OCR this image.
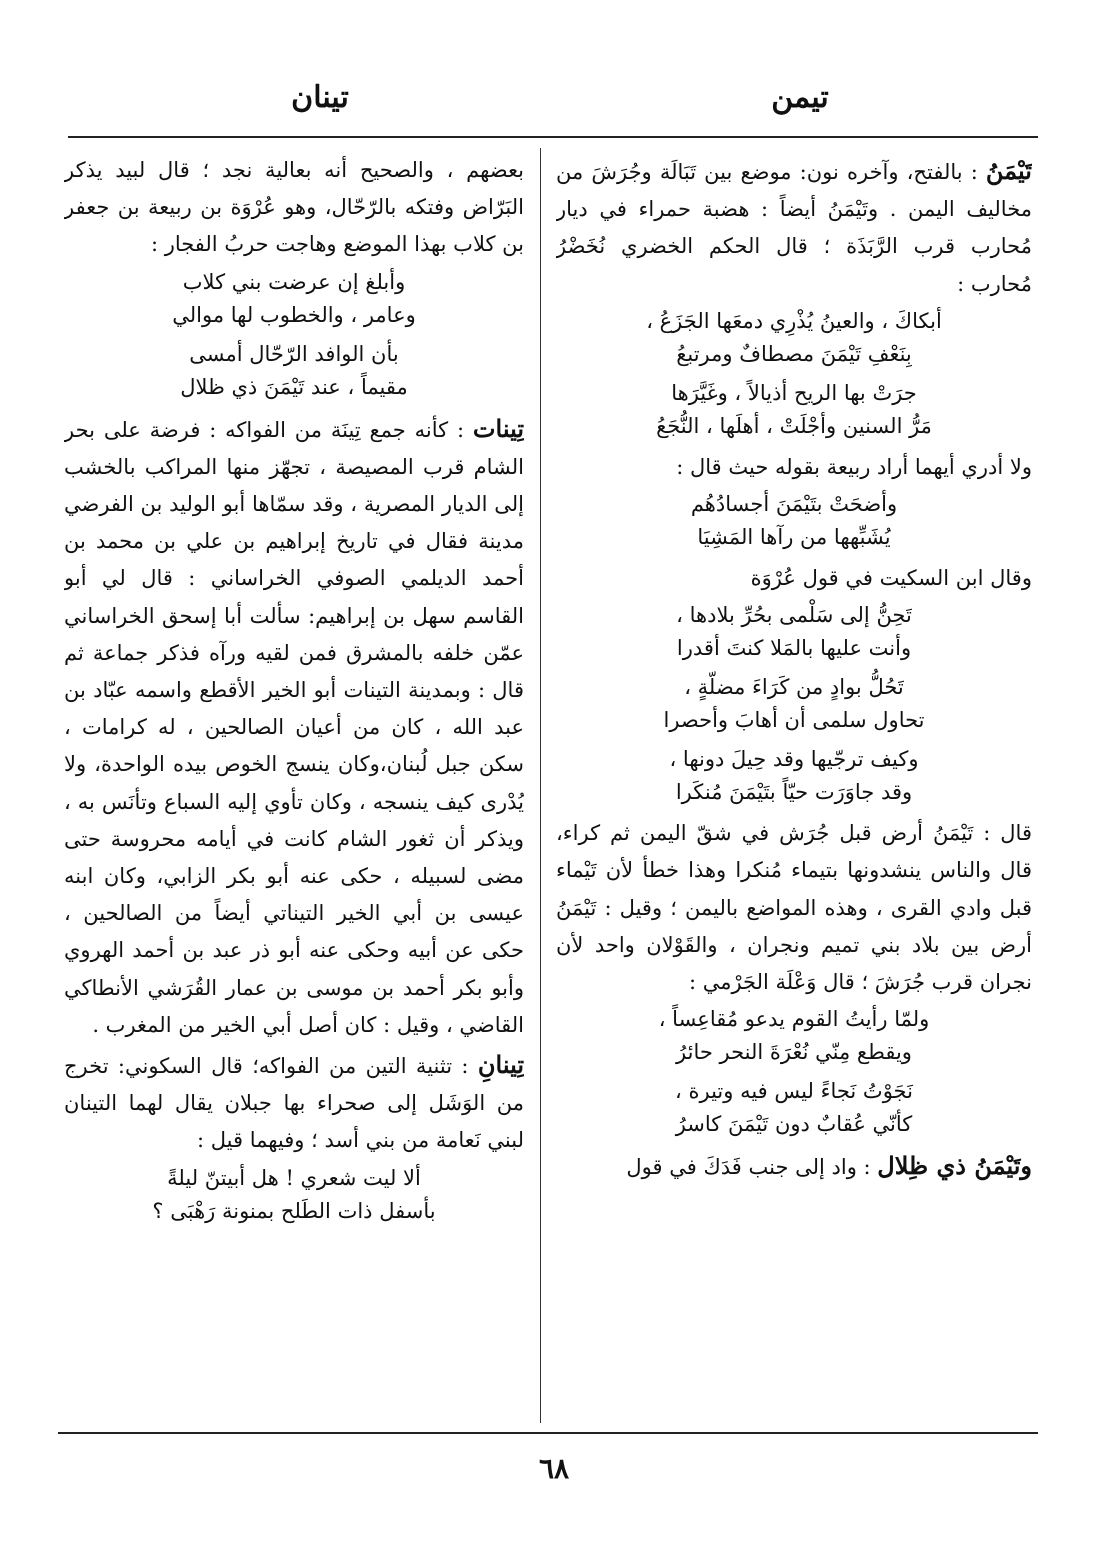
تيمن
تينان

تَيْمَنُ : بالفتح، وآخره نون: موضع بين تَبَالَة وجُرَشَ من مخاليف اليمن . وتَيْمَنُ أيضاً : هضبة حمراء في ديار مُحارب قرب الرَّبَذَة ؛ قال الحكم الخضري نُخَضْرُ مُحارب :

أبكاكَ ، والعينُ يُذْرِي دمعَها الجَزَعُ ،
بِنَعْفِ تَيْمَنَ مصطافٌ ومرتبعُ
جرَتْ بها الريح أذيالاً ، وغَيَّرَها
مَرُّ السنين وأجْلَتْ ، أهلَها ، النُّجَعُ

ولا أدري أيهما أراد ربيعة بقوله حيث قال :

وأضحَتْ بتَيْمَنَ أجسادُهُم
يُشَبِّهها من رآها المَشِيَا

وقال ابن السكيت في قول عُرْوَة

تَحِنُّ إلى سَلْمى بحُرِّ بلادها ،
وأنت عليها بالمَلا كنتَ أقدرا
تَحُلُّ بوادٍ من كَرَاءَ مضلّةٍ ،
تحاول سلمى أن أهابَ وأحصرا
وكيف ترجّيها وقد حِيلَ دونها ،
وقد جاوَرَت حيّاً بتَيْمَنَ مُنكَرا

قال : تَيْمَنُ أرض قبل جُرَش في شقّ اليمن ثم كراء، قال والناس ينشدونها بتيماء مُنكرا وهذا خطأ لأن تَيْماء قبل وادي القرى ، وهذه المواضع باليمن ؛ وقيل : تَيْمَنُ أرض بين بلاد بني تميم ونجران ، والقَوْلان واحد لأن نجران قرب جُرَشَ ؛ قال وَعْلَة الجَرْمي :

ولمّا رأيتُ القوم يدعو مُقاعِساً ،
ويقطع مِنّي نُعْرَةَ النحر حائرُ
نَجَوْتُ نَجاءً ليس فيه وتيرة ،
كأنّي عُقابٌ دون تَيْمَنَ كاسرُ

وتَيْمَنُ ذي ظِلال : واد إلى جنب فَدَكَ في قول

بعضهم ، والصحيح أنه بعالية نجد ؛ قال لبيد يذكر البَرّاض وفتكه بالرّحّال، وهو عُرْوَة بن ربيعة بن جعفر بن كلاب بهذا الموضع وهاجت حربُ الفجار :

وأبلغ إن عرضت بني كلاب
وعامر ، والخطوب لها موالي
بأن الوافد الرّحّال أمسى
مقيماً ، عند تَيْمَنَ ذي ظلال

تِينات : كأنه جمع تِينَة من الفواكه : فرضة على بحر الشام قرب المصيصة ، تجهّز منها المراكب بالخشب إلى الديار المصرية ، وقد سمّاها أبو الوليد بن الفرضي مدينة فقال في تاريخ إبراهيم بن علي بن محمد بن أحمد الديلمي الصوفي الخراساني : قال لي أبو القاسم سهل بن إبراهيم: سألت أبا إسحق الخراساني عمّن خلفه بالمشرق فمن لقيه ورآه فذكر جماعة ثم قال : وبمدينة التينات أبو الخير الأقطع واسمه عبّاد بن عبد الله ، كان من أعيان الصالحين ، له كرامات ، سكن جبل لُبنان،وكان ينسج الخوص بيده الواحدة، ولا يُدْرى كيف ينسجه ، وكان تأوي إليه السباع وتأنَس به ، ويذكر أن ثغور الشام كانت في أيامه محروسة حتى مضى لسبيله ، حكى عنه أبو بكر الزابي، وكان ابنه عيسى بن أبي الخير التيناتي أيضاً من الصالحين ، حكى عن أبيه وحكى عنه أبو ذر عبد بن أحمد الهروي وأبو بكر أحمد بن موسى بن عمار القُرَشي الأنطاكي القاضي ، وقيل : كان أصل أبي الخير من المغرب .

تِينانِ : تثنية التين من الفواكه؛ قال السكوني: تخرج من الوَشَل إلى صحراء بها جبلان يقال لهما التينان لبني نَعامة من بني أسد ؛ وفيهما قيل :

ألا ليت شعري ! هل أبيتنّ ليلةً
بأسفل ذات الطَلح بمنونة رَهْبَى ؟
٦٨
